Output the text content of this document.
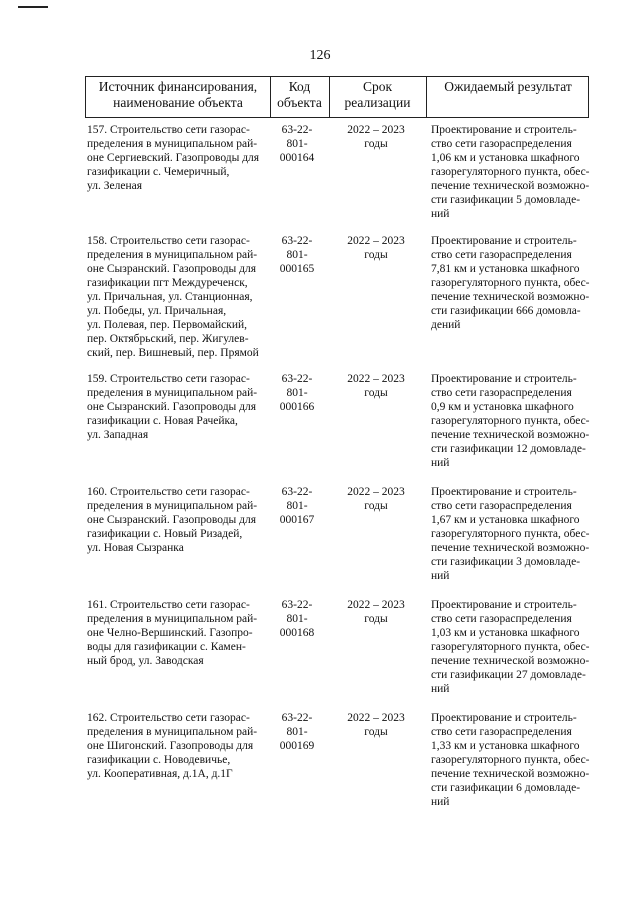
126
Источник финансирования,
наименование объекта
Код
объекта
Срок
реализации
Ожидаемый результат
157. Строительство сети газорас-
пределения в муниципальном рай-
оне Сергиевский. Газопроводы для
газификации с. Чемеричный,
ул. Зеленая
63-22-
801-
000164
2022 – 2023
годы
Проектирование и строитель-
ство сети газораспределения
1,06 км и установка шкафного
газорегуляторного пункта, обес-
печение технической возможно-
сти газификации 5 домовладе-
ний
158. Строительство сети газорас-
пределения в муниципальном рай-
оне Сызранский. Газопроводы для
газификации пгт Междуреченск,
ул. Причальная, ул. Станционная,
ул. Победы, ул. Причальная,
ул. Полевая, пер. Первомайский,
пер. Октябрьский, пер. Жигулев-
ский, пер. Вишневый, пер. Прямой
63-22-
801-
000165
2022 – 2023
годы
Проектирование и строитель-
ство сети газораспределения
7,81 км и установка шкафного
газорегуляторного пункта, обес-
печение технической возможно-
сти газификации 666 домовла-
дений
159. Строительство сети газорас-
пределения в муниципальном рай-
оне Сызранский. Газопроводы для
газификации с. Новая Рачейка,
ул. Западная
63-22-
801-
000166
2022 – 2023
годы
Проектирование и строитель-
ство сети газораспределения
0,9 км и установка шкафного
газорегуляторного пункта, обес-
печение технической возможно-
сти газификации 12 домовладе-
ний
160. Строительство сети газорас-
пределения в муниципальном рай-
оне Сызранский. Газопроводы для
газификации с. Новый Ризадей,
ул. Новая Сызранка
63-22-
801-
000167
2022 – 2023
годы
Проектирование и строитель-
ство сети газораспределения
1,67 км и установка шкафного
газорегуляторного пункта, обес-
печение технической возможно-
сти газификации 3 домовладе-
ний
161. Строительство сети газорас-
пределения в муниципальном рай-
оне Челно-Вершинский. Газопро-
воды для газификации с. Камен-
ный брод, ул. Заводская
63-22-
801-
000168
2022 – 2023
годы
Проектирование и строитель-
ство сети газораспределения
1,03 км и установка шкафного
газорегуляторного пункта, обес-
печение технической возможно-
сти газификации 27 домовладе-
ний
162. Строительство сети газорас-
пределения в муниципальном рай-
оне Шигонский. Газопроводы для
газификации с. Новодевичье,
ул. Кооперативная, д.1А, д.1Г
63-22-
801-
000169
2022 – 2023
годы
Проектирование и строитель-
ство сети газораспределения
1,33 км и установка шкафного
газорегуляторного пункта, обес-
печение технической возможно-
сти газификации 6 домовладе-
ний
